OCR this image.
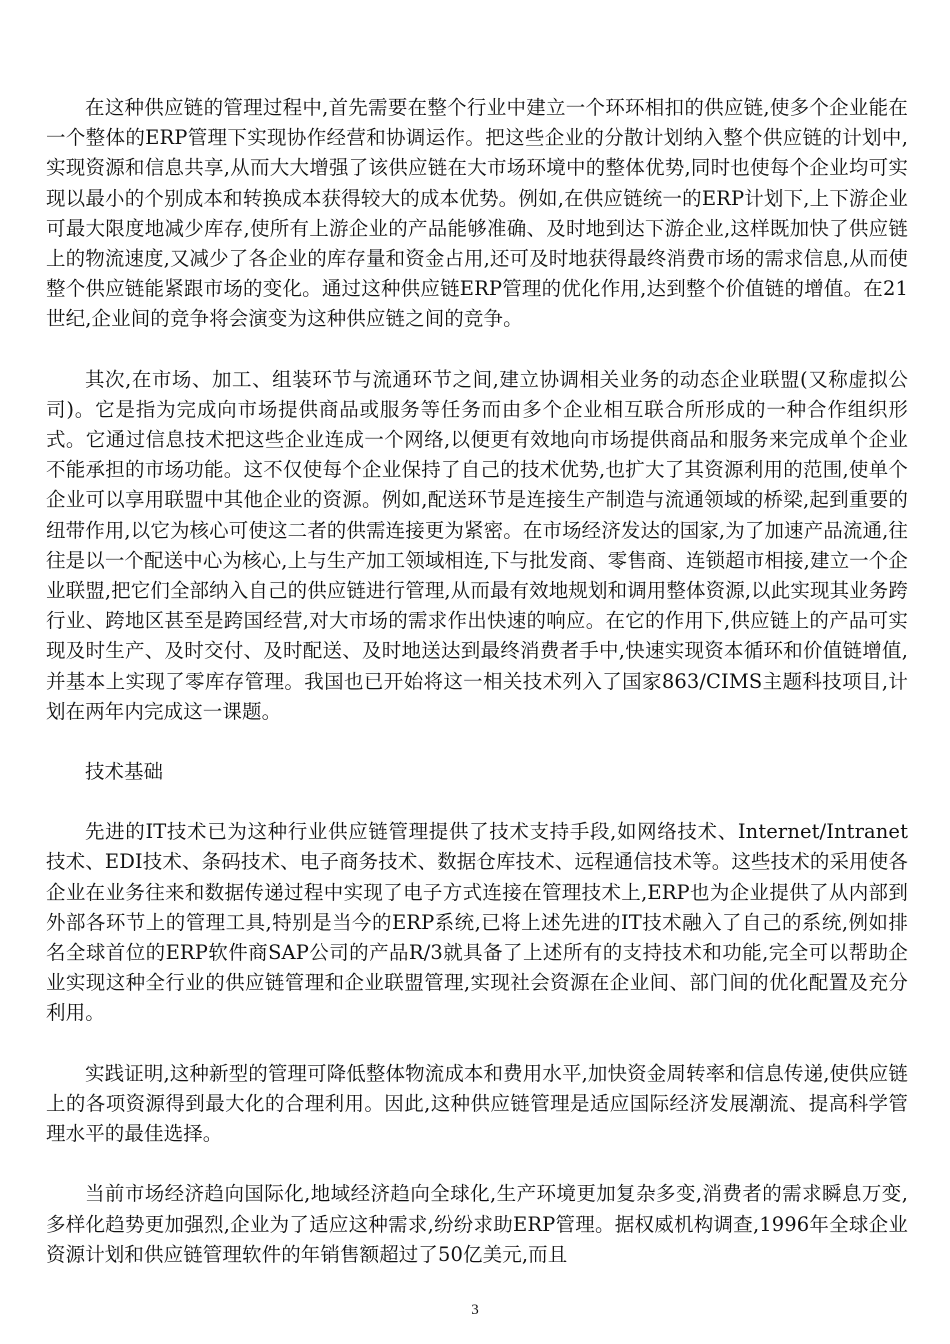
在这种供应链的管理过程中,首先需要在整个行业中建立一个环环相扣的供应链,使多个企业能在一个整体的ERP管理下实现协作经营和协调运作。把这些企业的分散计划纳入整个供应链的计划中,实现资源和信息共享,从而大大增强了该供应链在大市场环境中的整体优势,同时也使每个企业均可实现以最小的个别成本和转换成本获得较大的成本优势。例如,在供应链统一的ERP计划下,上下游企业可最大限度地减少库存,使所有上游企业的产品能够准确、及时地到达下游企业,这样既加快了供应链上的物流速度,又减少了各企业的库存量和资金占用,还可及时地获得最终消费市场的需求信息,从而使整个供应链能紧跟市场的变化。通过这种供应链ERP管理的优化作用,达到整个价值链的增值。在21世纪,企业间的竞争将会演变为这种供应链之间的竞争。

其次,在市场、加工、组装环节与流通环节之间,建立协调相关业务的动态企业联盟(又称虚拟公司)。它是指为完成向市场提供商品或服务等任务而由多个企业相互联合所形成的一种合作组织形式。它通过信息技术把这些企业连成一个网络,以便更有效地向市场提供商品和服务来完成单个企业不能承担的市场功能。这不仅使每个企业保持了自己的技术优势,也扩大了其资源利用的范围,使单个企业可以享用联盟中其他企业的资源。例如,配送环节是连接生产制造与流通领域的桥梁,起到重要的纽带作用,以它为核心可使这二者的供需连接更为紧密。在市场经济发达的国家,为了加速产品流通,往往是以一个配送中心为核心,上与生产加工领域相连,下与批发商、零售商、连锁超市相接,建立一个企业联盟,把它们全部纳入自己的供应链进行管理,从而最有效地规划和调用整体资源,以此实现其业务跨行业、跨地区甚至是跨国经营,对大市场的需求作出快速的响应。在它的作用下,供应链上的产品可实现及时生产、及时交付、及时配送、及时地送达到最终消费者手中,快速实现资本循环和价值链增值,并基本上实现了零库存管理。我国也已开始将这一相关技术列入了国家863/CIMS主题科技项目,计划在两年内完成这一课题。

技术基础

先进的IT技术已为这种行业供应链管理提供了技术支持手段,如网络技术、Internet/Intranet技术、EDI技术、条码技术、电子商务技术、数据仓库技术、远程通信技术等。这些技术的采用使各企业在业务往来和数据传递过程中实现了电子方式连接在管理技术上,ERP也为企业提供了从内部到外部各环节上的管理工具,特别是当今的ERP系统,已将上述先进的IT技术融入了自己的系统,例如排名全球首位的ERP软件商SAP公司的产品R/3就具备了上述所有的支持技术和功能,完全可以帮助企业实现这种全行业的供应链管理和企业联盟管理,实现社会资源在企业间、部门间的优化配置及充分利用。

实践证明,这种新型的管理可降低整体物流成本和费用水平,加快资金周转率和信息传递,使供应链上的各项资源得到最大化的合理利用。因此,这种供应链管理是适应国际经济发展潮流、提高科学管理水平的最佳选择。

当前市场经济趋向国际化,地域经济趋向全球化,生产环境更加复杂多变,消费者的需求瞬息万变,多样化趋势更加强烈,企业为了适应这种需求,纷纷求助ERP管理。据权威机构调查,1996年全球企业资源计划和供应链管理软件的年销售额超过了50亿美元,而且

3
